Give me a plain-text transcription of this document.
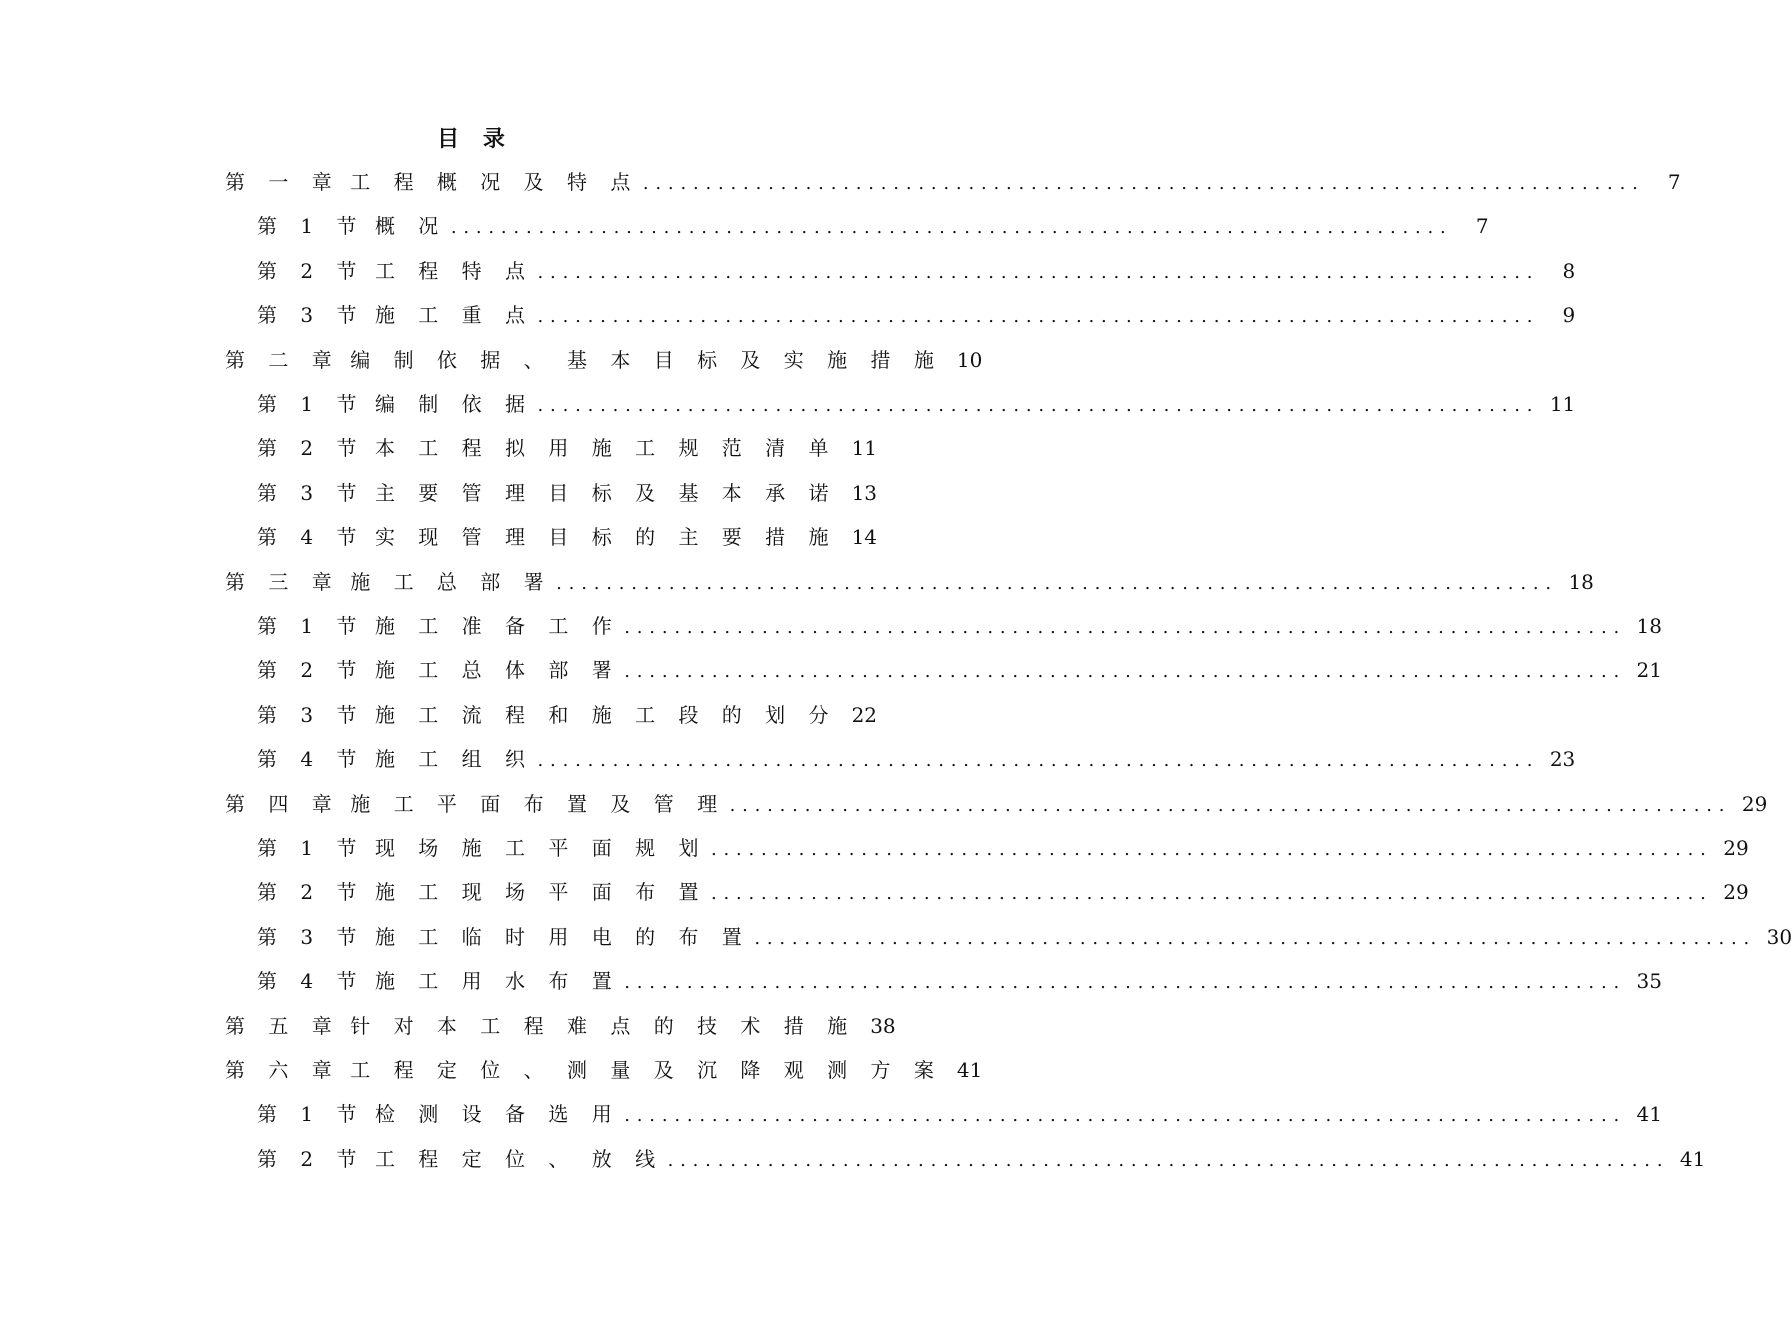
目 录
第 一 章 工 程 概 况 及 特 点 ................................................................................	7
第 1 节 概 况 ................................................................................	7
第 2 节 工 程 特 点 ................................................................................	8
第 3 节 施 工 重 点 ................................................................................	9
第 二 章 编 制 依 据 、 基 本 目 标 及 实 施 措 施 10
第 1 节 编 制 依 据 ................................................................................ 11
第 2 节 本 工 程 拟 用 施 工 规 范 清 单 11
第 3 节 主 要 管 理 目 标 及 基 本 承 诺 13
第 4 节 实 现 管 理 目 标 的 主 要 措 施 14
第 三 章 施 工 总 部 署 ................................................................................ 18
第 1 节 施 工 准 备 工 作 ................................................................................ 18
第 2 节 施 工 总 体 部 署 ................................................................................ 21
第 3 节 施 工 流 程 和 施 工 段 的 划 分 22
第 4 节 施 工 组 织 ................................................................................ 23
第 四 章 施 工 平 面 布 置 及 管 理 ................................................................................ 29
第 1 节 现 场 施 工 平 面 规 划 ................................................................................ 29
第 2 节 施 工 现 场 平 面 布 置 ................................................................................ 29
第 3 节 施 工 临 时 用 电 的 布 置 ................................................................................ 30
第 4 节 施 工 用 水 布 置 ................................................................................ 35
第 五 章 针 对 本 工 程 难 点 的 技 术 措 施 38
第 六 章 工 程 定 位 、 测 量 及 沉 降 观 测 方 案 41
第 1 节 检 测 设 备 选 用 ................................................................................ 41
第 2 节 工 程 定 位 、 放 线 ................................................................................ 41
